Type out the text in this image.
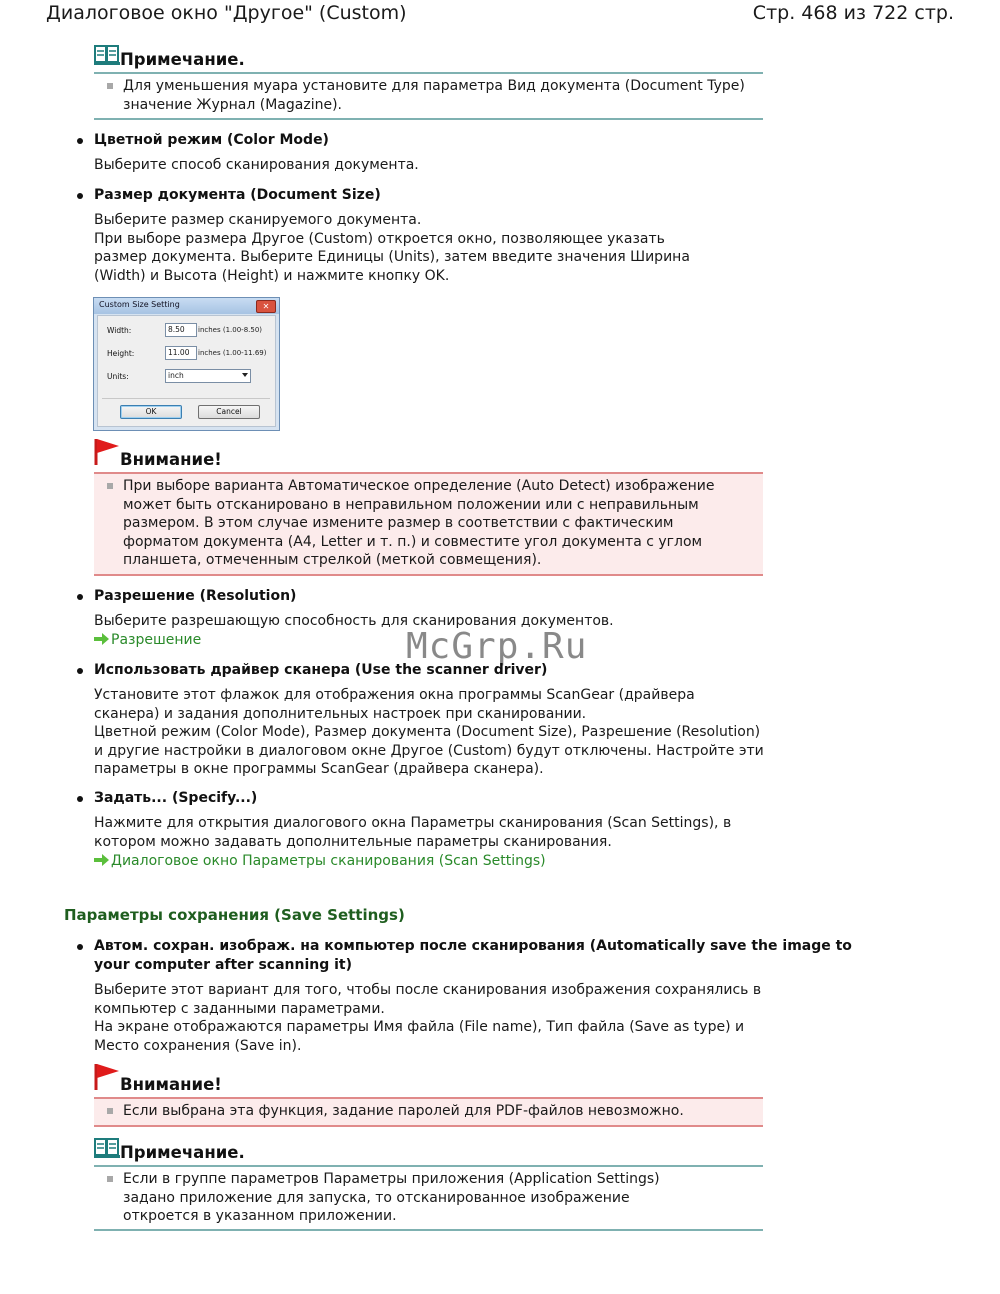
Диалоговое окно "Другое" (Custom)	Стр. 468 из 722 стр.
Примечание.
Для уменьшения муара установите для параметра Вид документа (Document Type) значение Журнал (Magazine).
Цветной режим (Color Mode)
Выберите способ сканирования документа.
Размер документа (Document Size)
Выберите размер сканируемого документа.
При выборе размера Другое (Custom) откроется окно, позволяющее указать размер документа. Выберите Единицы (Units), затем введите значения Ширина (Width) и Высота (Height) и нажмите кнопку OK.
Custom Size Setting	✕
Width:	8.50	inches (1.00-8.50)
Height:	11.00	inches (1.00-11.69)
Units:	inch
OK	Cancel
Внимание!
При выборе варианта Автоматическое определение (Auto Detect) изображение может быть отсканировано в неправильном положении или с неправильным размером. В этом случае измените размер в соответствии с фактическим форматом документа (A4, Letter и т. п.) и совместите угол документа с углом планшета, отмеченным стрелкой (меткой совмещения).
Разрешение (Resolution)
Выберите разрешающую способность для сканирования документов.
Разрешение	McGrp.Ru
Использовать драйвер сканера (Use the scanner driver)
Установите этот флажок для отображения окна программы ScanGear (драйвера сканера) и задания дополнительных настроек при сканировании.
Цветной режим (Color Mode), Размер документа (Document Size), Разрешение (Resolution) и другие настройки в диалоговом окне Другое (Custom) будут отключены. Настройте эти параметры в окне программы ScanGear (драйвера сканера).
Задать... (Specify...)
Нажмите для открытия диалогового окна Параметры сканирования (Scan Settings), в котором можно задавать дополнительные параметры сканирования.
Диалоговое окно Параметры сканирования (Scan Settings)
Параметры сохранения (Save Settings)
Автом. сохран. изображ. на компьютер после сканирования (Automatically save the image to
your computer after scanning it)
Выберите этот вариант для того, чтобы после сканирования изображения сохранялись в компьютер с заданными параметрами.
На экране отображаются параметры Имя файла (File name), Тип файла (Save as type) и Место сохранения (Save in).
Внимание!
Если выбрана эта функция, задание паролей для PDF-файлов невозможно.
Примечание.
Если в группе параметров Параметры приложения (Application Settings) задано приложение для запуска, то отсканированное изображение откроется в указанном приложении.
